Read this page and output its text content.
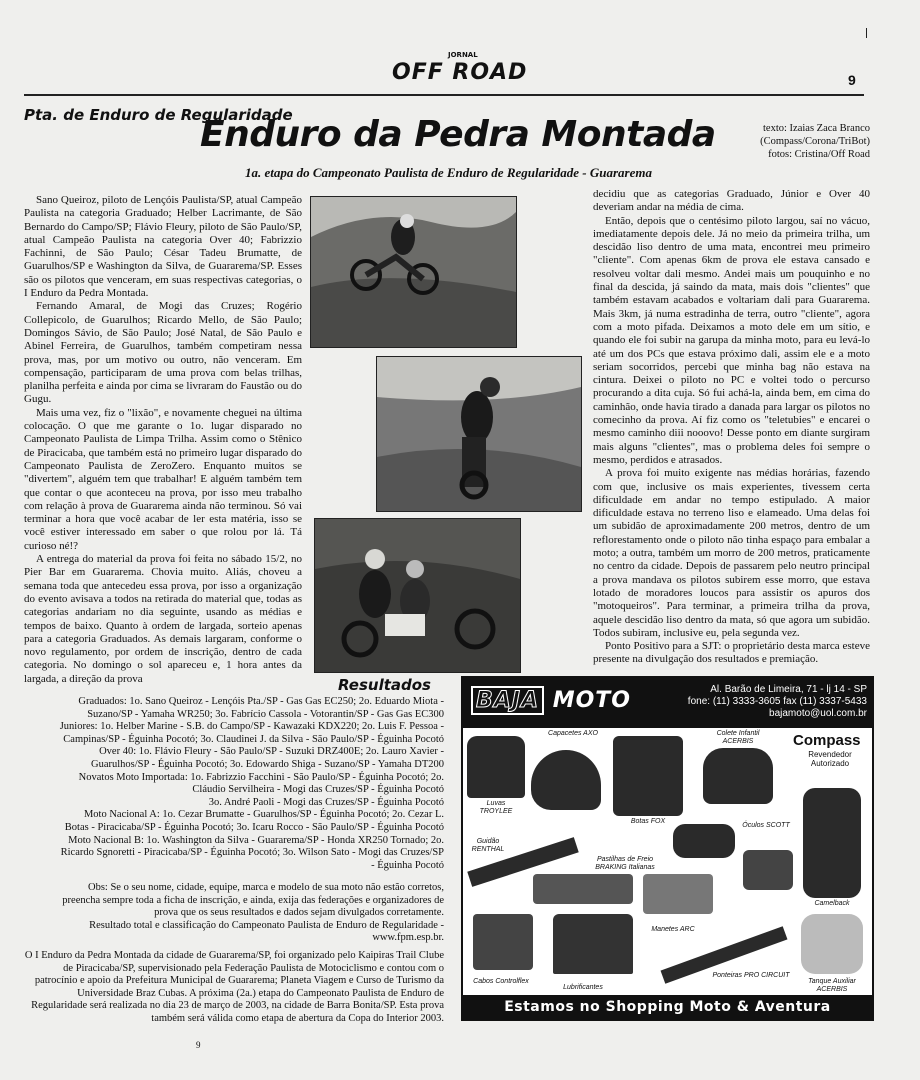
OFF ROAD
JORNAL
9
Pta. de Enduro de Regularidade
Enduro da Pedra Montada	texto: Izaias Zaca Branco
(Compass/Corona/TriBot)
fotos: Cristina/Off Road
1a. etapa do Campeonato Paulista de Enduro de Regularidade - Guararema

Sano Queiroz, piloto de Lençóis Paulista/SP, atual Campeão Paulista na categoria Graduado; Helber Lacrimante, de São Bernardo do Campo/SP; Flávio Fleury, piloto de São Paulo/SP, atual Campeão Paulista na categoria Over 40; Fabrizzio Fachinni, de São Paulo; César Tadeu Brumatte, de Guarulhos/SP e Washington da Silva, de Guararema/SP. Esses são os pilotos que venceram, em suas respectivas categorias, o I Enduro da Pedra Montada.

Fernando Amaral, de Mogi das Cruzes; Rogério Collepicolo, de Guarulhos; Ricardo Mello, de São Paulo; Domingos Sávio, de São Paulo; José Natal, de São Paulo e Abinel Ferreira, de Guarulhos, também competiram nessa prova, mas, por um motivo ou outro, não venceram. Em compensação, participaram de uma prova com belas trilhas, planilha perfeita e ainda por cima se livraram do Faustão ou do Gugu.

Mais uma vez, fiz o "lixão", e novamente cheguei na última colocação. O que me garante o 1o. lugar disparado no Campeonato Paulista de Limpa Trilha. Assim como o Stênico de Piracicaba, que também está no primeiro lugar disparado do Campeonato Paulista de ZeroZero. Enquanto muitos se "divertem", alguém tem que trabalhar! E alguém também tem que contar o que aconteceu na prova, por isso meu trabalho com relação à prova de Guararema ainda não terminou. Só vai terminar a hora que você acabar de ler esta matéria, isso se você estiver interessado em saber o que rolou por lá. Tá curioso né!?

A entrega do material da prova foi feita no sábado 15/2, no Pier Bar em Guararema. Chovia muito. Aliás, choveu a semana toda que antecedeu essa prova, por isso a organização do evento avisava a todos na retirada do material que, todas as categorias andariam no dia seguinte, usando as médias e tempos de baixo. Quanto à ordem de largada, sorteio apenas para a categoria Graduados. As demais largaram, conforme o novo regulamento, por ordem de inscrição, dentro de cada categoria. No domingo o sol apareceu e, 1 hora antes da largada, a direção da prova

decidiu que as categorias Graduado, Júnior e Over 40 deveriam andar na média de cima.

Então, depois que o centésimo piloto largou, saí no vácuo, imediatamente depois dele. Já no meio da primeira trilha, um descidão liso dentro de uma mata, encontrei meu primeiro "cliente". Com apenas 6km de prova ele estava cansado e resolveu voltar dali mesmo. Andei mais um pouquinho e no final da descida, já saindo da mata, mais dois "clientes" que também estavam acabados e voltariam dali para Guararema. Mais 3km, já numa estradinha de terra, outro "cliente", agora com a moto pifada. Deixamos a moto dele em um sítio, e quando ele foi subir na garupa da minha moto, para eu levá-lo até um dos PCs que estava próximo dali, assim ele e a moto seriam socorridos, percebi que minha bag não estava na cintura. Deixei o piloto no PC e voltei todo o percurso procurando a dita cuja. Só fui achá-la, ainda bem, em cima do caminhão, onde havia tirado a danada para largar os pilotos no comecinho da prova. Aí fiz como os "teletubies" e encarei o mesmo caminho diii nooovo! Desse ponto em diante surgiram mais alguns "clientes", mas o problema deles foi sempre o mesmo, perdidos e atrasados.

A prova foi muito exigente nas médias horárias, fazendo com que, inclusive os mais experientes, tivessem certa dificuldade em andar no tempo estipulado. A maior dificuldade estava no terreno liso e elameado. Uma delas foi um subidão de aproximadamente 200 metros, dentro de um reflorestamento onde o piloto não tinha espaço para embalar a moto; a outra, também um morro de 200 metros, praticamente no centro da cidade. Depois de passarem pelo neutro principal a prova mandava os pilotos subirem esse morro, que estava lotado de moradores loucos para assistir os apuros dos "motoqueiros". Para terminar, a primeira trilha da prova, aquele descidão liso dentro da mata, só que agora um subidão. Todos subiram, inclusive eu, pela segunda vez.

Ponto Positivo para a SJT: o proprietário desta marca esteve presente na divulgação dos resultados e premiação.

Resultados
Graduados: 1o. Sano Queiroz - Lençóis Pta./SP - Gas Gas EC250; 2o. Eduardo Miota -
Suzano/SP - Yamaha WR250; 3o. Fabrício Cassola - Votorantin/SP - Gas Gas EC300
Juniores: 1o. Helber Marine - S.B. do Campo/SP - Kawazaki KDX220; 2o. Luis F. Pessoa -
Campinas/SP - Éguinha Pocotó; 3o. Claudinei J. da Silva - São Paulo/SP - Éguinha Pocotó
Over 40: 1o. Flávio Fleury - São Paulo/SP - Suzuki DRZ400E; 2o. Lauro Xavier -
Guarulhos/SP - Éguinha Pocotó; 3o. Edowardo Shiga - Suzano/SP - Yamaha DT200
Novatos Moto Importada: 1o. Fabrizzio Facchini - São Paulo/SP - Éguinha Pocotó; 2o.
Cláudio Servilheira - Mogi das Cruzes/SP - Éguinha Pocotó
3o. André Paoli - Mogi das Cruzes/SP - Éguinha Pocotó
Moto Nacional A: 1o. Cezar Brumatte - Guarulhos/SP - Éguinha Pocotó; 2o. Cezar L.
Botas - Piracicaba/SP - Éguinha Pocotó; 3o. Icaru Rocco - São Paulo/SP - Éguinha Pocotó
Moto Nacional B: 1o. Washington da Silva - Guararema/SP - Honda XR250 Tornado; 2o.
Ricardo Sgnoretti - Piracicaba/SP - Éguinha Pocotó; 3o. Wilson Sato - Mogi das Cruzes/SP
- Éguinha Pocotó
Obs: Se o seu nome, cidade, equipe, marca e modelo de sua moto não estão corretos,
preencha sempre toda a ficha de inscrição, e ainda, exija das federações e organizadores de
prova que os seus resultados e dados sejam divulgados corretamente.
Resultado total e classificação do Campeonato Paulista de Enduro de Regularidade -
www.fpm.esp.br.
O I Enduro da Pedra Montada da cidade de Guararema/SP, foi organizado pelo Kaipiras Trail Clube
de Piracicaba/SP, supervisionado pela Federação Paulista de Motociclismo e contou com o
patrocínio e apoio da Prefeitura Municipal de Guararema; Planeta Viagem e Curso de Turismo da
Universidade Braz Cubas. A próxima (2a.) etapa do Campeonato Paulista de Enduro de
Regularidade será realizada no dia 23 de março de 2003, na cidade de Barra Bonita/SP. Esta prova
também será válida como etapa de abertura da Copa do Interior 2003.
BAJA MOTO	Al. Barão de Limeira, 71 - lj 14 - SP
fone: (11) 3333-3605 fax (11) 3337-5433
bajamoto@uol.com.br
Compass
Revendedor Autorizado
Luvas TROYLEE
Capacetes AXO
Botas FOX
Colete Infantil ACERBIS
Camelback
Guidão RENTHAL
Pastilhas de Freio BRAKING Italianas
Óculos SCOTT
Manetes ARC
Cabos Controlflex
Lubrificantes
Ponteiras PRO CIRCUIT
Tanque Auxiliar ACERBIS
Estamos no Shopping Moto & Aventura
9
